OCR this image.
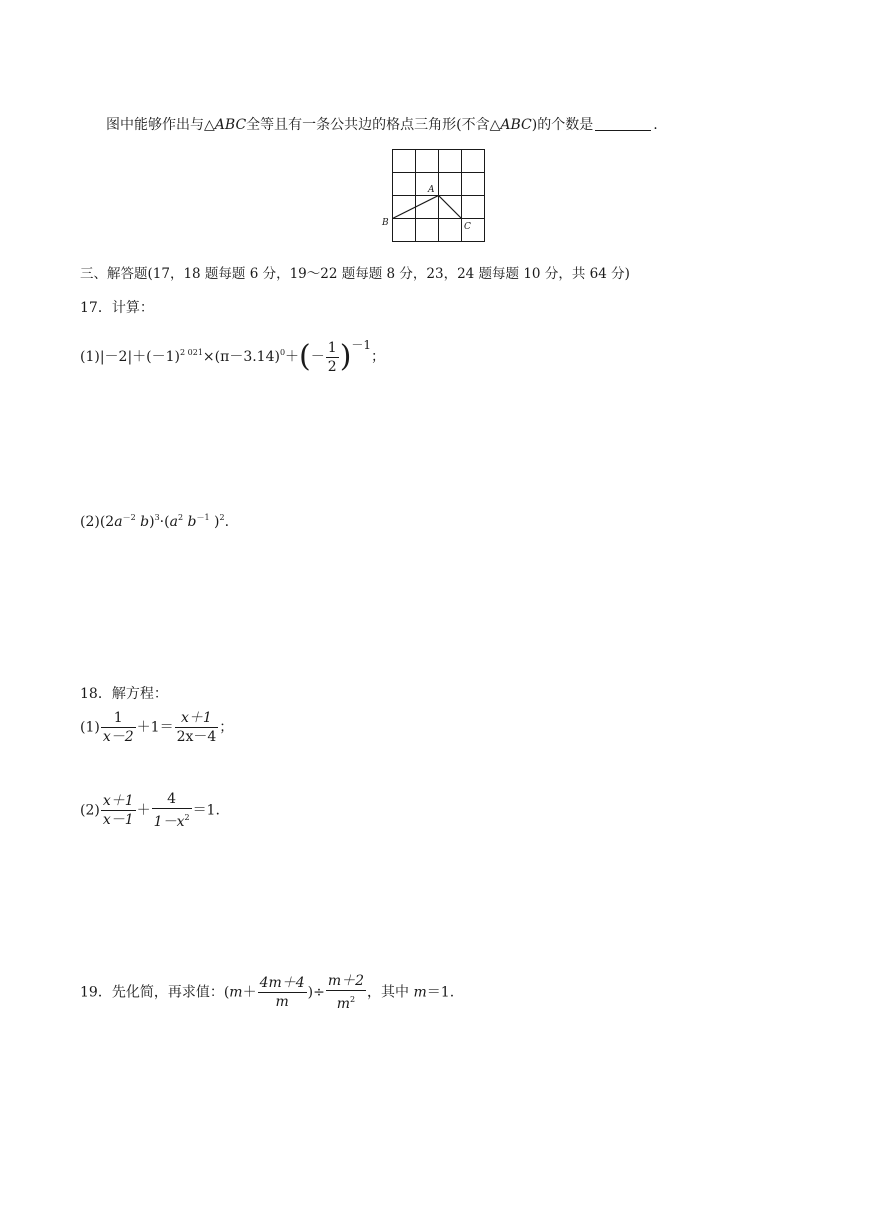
图中能够作出与△ABC全等且有一条公共边的格点三角形(不含△ABC)的个数是	.
A
B	C
三、解答题(17，18 题每题 6 分，19～22 题每题 8 分，23，24 题每题 10 分，共 64 分)
17．计算：
$(1)|-2|+(-1)^{2 021}\times(\pi-3.14)^0+(- \frac{1}{2} )-1$；
$(2)(2a^{-2}$ $b)^3\cdot(a^2$ $b^{-1}$ )$^2$.
18．解方程：
$(1) \frac{1}{x-2} +1= \frac{x+1}{2x-4}$ ；
$(2) \frac{x+1}{x-1} + \frac{4}{1-x^2} =1$.
19．先化简，再求值：($m+ \frac{4m+4}{m}$ )÷ $\frac{m+2}{m^2}$ ，其中 m＝1.
